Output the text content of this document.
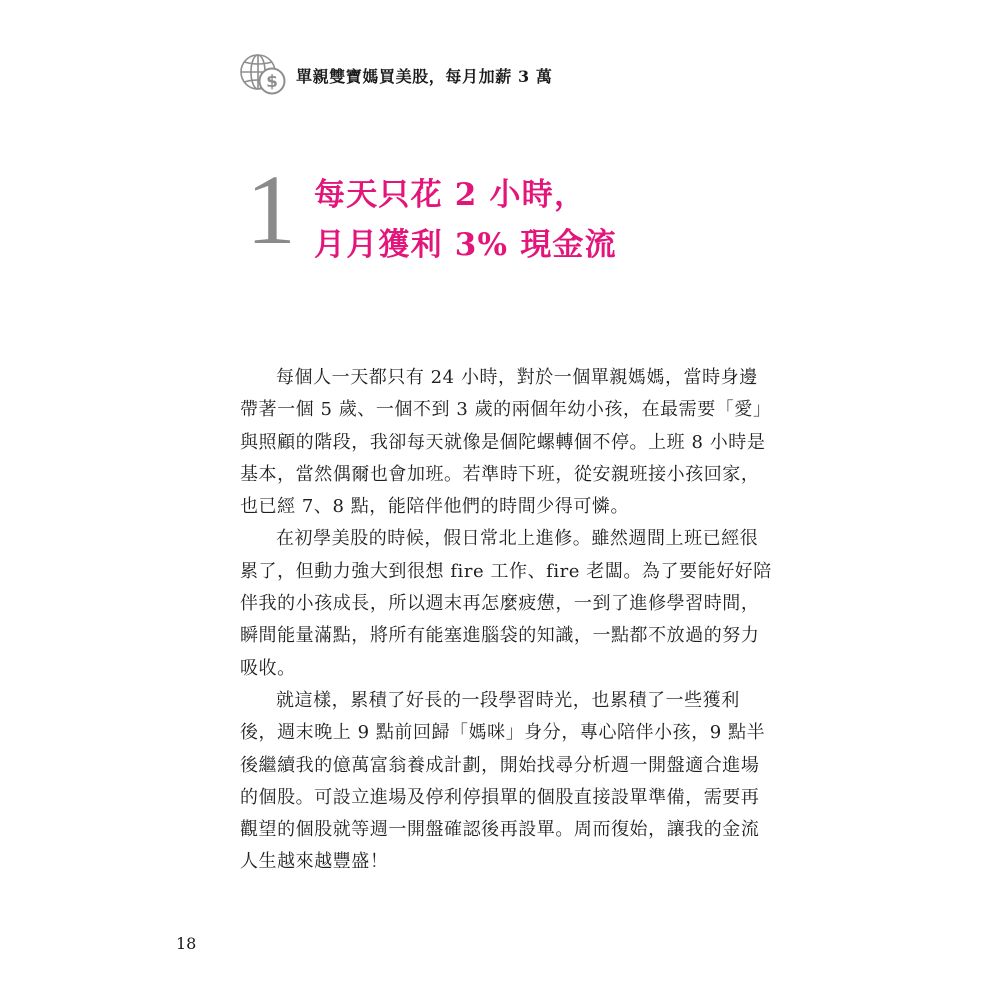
$ 單親雙寶媽買美股，每月加薪 3 萬
1 每天只花 2 小時，
月月獲利 3% 現金流
每個人一天都只有 24 小時，對於一個單親媽媽，當時身邊
帶著一個 5 歲、一個不到 3 歲的兩個年幼小孩，在最需要「愛」
與照顧的階段，我卻每天就像是個陀螺轉個不停。上班 8 小時是
基本，當然偶爾也會加班。若準時下班，從安親班接小孩回家，
也已經 7、8 點，能陪伴他們的時間少得可憐。
在初學美股的時候，假日常北上進修。雖然週間上班已經很
累了，但動力強大到很想 fire 工作、fire 老闆。為了要能好好陪
伴我的小孩成長，所以週末再怎麼疲憊，一到了進修學習時間，
瞬間能量滿點，將所有能塞進腦袋的知識，一點都不放過的努力
吸收。
就這樣，累積了好長的一段學習時光，也累積了一些獲利
後，週末晚上 9 點前回歸「媽咪」身分，專心陪伴小孩，9 點半
後繼續我的億萬富翁養成計劃，開始找尋分析週一開盤適合進場
的個股。可設立進場及停利停損單的個股直接設單準備，需要再
觀望的個股就等週一開盤確認後再設單。周而復始，讓我的金流
人生越來越豐盛！
18
